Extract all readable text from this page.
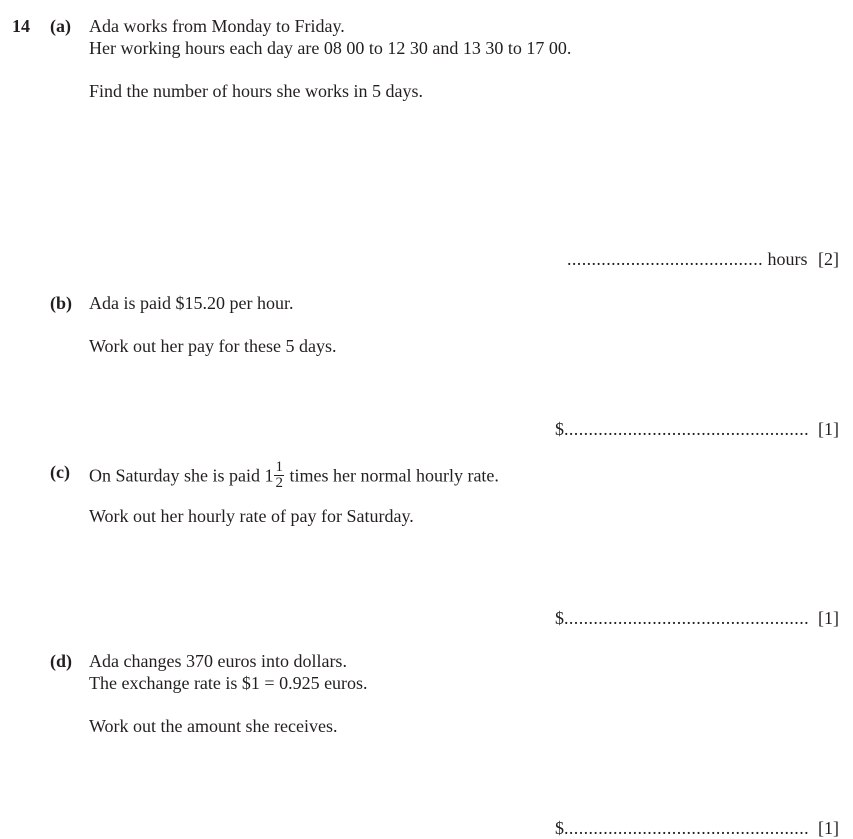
14 (a) Ada works from Monday to Friday.
Her working hours each day are 08 00 to 12 30 and 13 30 to 17 00.
Find the number of hours she works in 5 days.
........................................ hours [2]
(b) Ada is paid $15.20 per hour.
Work out her pay for these 5 days.
$.................................................. [1]
(c) On Saturday she is paid $1 \frac{1}{2}$ times her normal hourly rate.
Work out her hourly rate of pay for Saturday.
$.................................................. [1]
(d) Ada changes 370 euros into dollars.
The exchange rate is $1 = 0.925 euros.
Work out the amount she receives.
$.................................................. [1]
